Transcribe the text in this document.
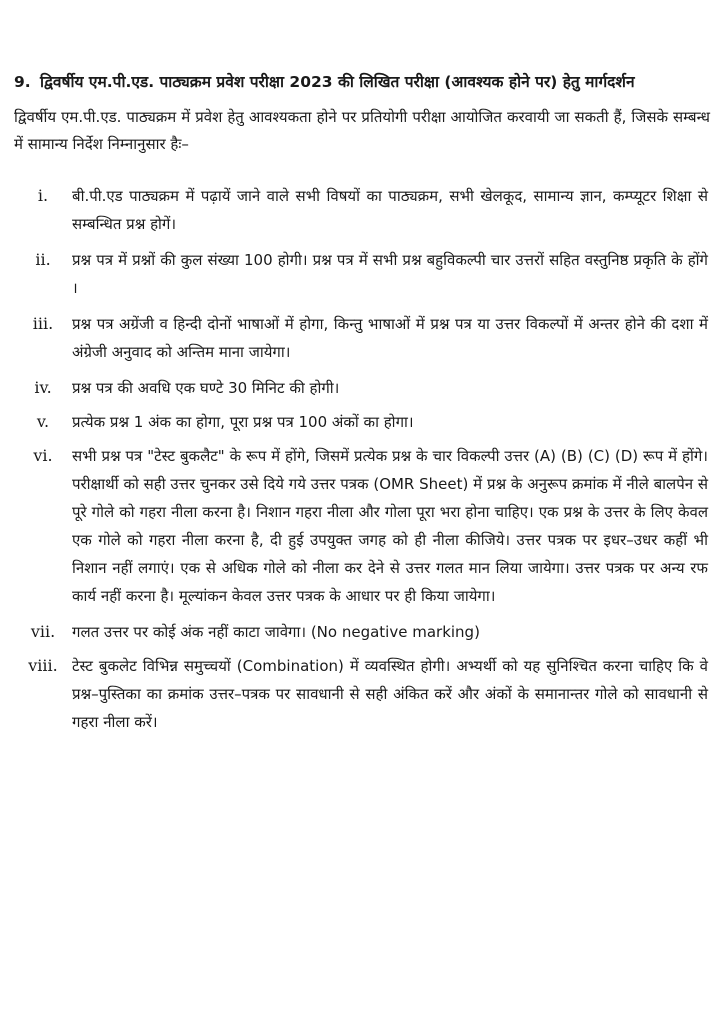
9. द्विवर्षीय एम.पी.एड. पाठ्यक्रम प्रवेश परीक्षा 2023 की लिखित परीक्षा (आवश्यक होने पर) हेतु मार्गदर्शन
द्विवर्षीय एम.पी.एड. पाठ्यक्रम में प्रवेश हेतु आवश्यकता होने पर प्रतियोगी परीक्षा आयोजित करवायी जा सकती हैं, जिसके सम्बन्ध में सामान्य निर्देश निम्नानुसार हैः–
i.	बी.पी.एड पाठ्यक्रम में पढ़ायें जाने वाले सभी विषयों का पाठ्यक्रम, सभी खेलकूद, सामान्य ज्ञान, कम्प्यूटर शिक्षा से सम्बन्धित प्रश्न होगें।
ii.	प्रश्न पत्र में प्रश्नों की कुल संख्या 100 होगी। प्रश्न पत्र में सभी प्रश्न बहुविकल्पी चार उत्तरों सहित वस्तुनिष्ठ प्रकृति के होंगे ।
iii.	प्रश्न पत्र अग्रेंजी व हिन्दी दोनों भाषाओं में होगा, किन्तु भाषाओं में प्रश्न पत्र या उत्तर विकल्पों में अन्तर होने की दशा में अंग्रेजी अनुवाद को अन्तिम माना जायेगा।
iv.	प्रश्न पत्र की अवधि एक घण्टे 30 मिनिट की होगी।
v.	प्रत्येक प्रश्न 1 अंक का होगा, पूरा प्रश्न पत्र 100 अंकों का होगा।
vi.	सभी प्रश्न पत्र "टेस्ट बुकलैट" के रूप में होंगे, जिसमें प्रत्येक प्रश्न के चार विकल्पी उत्तर (A) (B) (C) (D) रूप में होंगे। परीक्षार्थी को सही उत्तर चुनकर उसे दिये गये उत्तर पत्रक (OMR Sheet) में प्रश्न के अनुरूप क्रमांक में नीले बालपेन से पूरे गोले को गहरा नीला करना है। निशान गहरा नीला और गोला पूरा भरा होना चाहिए। एक प्रश्न के उत्तर के लिए केवल एक गोले को गहरा नीला करना है, दी हुई उपयुक्त जगह को ही नीला कीजिये। उत्तर पत्रक पर इधर–उधर कहीं भी निशान नहीं लगाएं। एक से अधिक गोले को नीला कर देने से उत्तर गलत मान लिया जायेगा। उत्तर पत्रक पर अन्य रफ कार्य नहीं करना है। मूल्यांकन केवल उत्तर पत्रक के आधार पर ही किया जायेगा।
vii.	गलत उत्तर पर कोई अंक नहीं काटा जावेगा। (No negative marking)
viii. टेस्ट बुकलेट विभिन्न समुच्चयों (Combination) में व्यवस्थित होगी। अभ्यर्थी को यह सुनिश्चित करना चाहिए कि वे प्रश्न–पुस्तिका का क्रमांक उत्तर–पत्रक पर सावधानी से सही अंकित करें और अंकों के समानान्तर गोले को सावधानी से गहरा नीला करें।
